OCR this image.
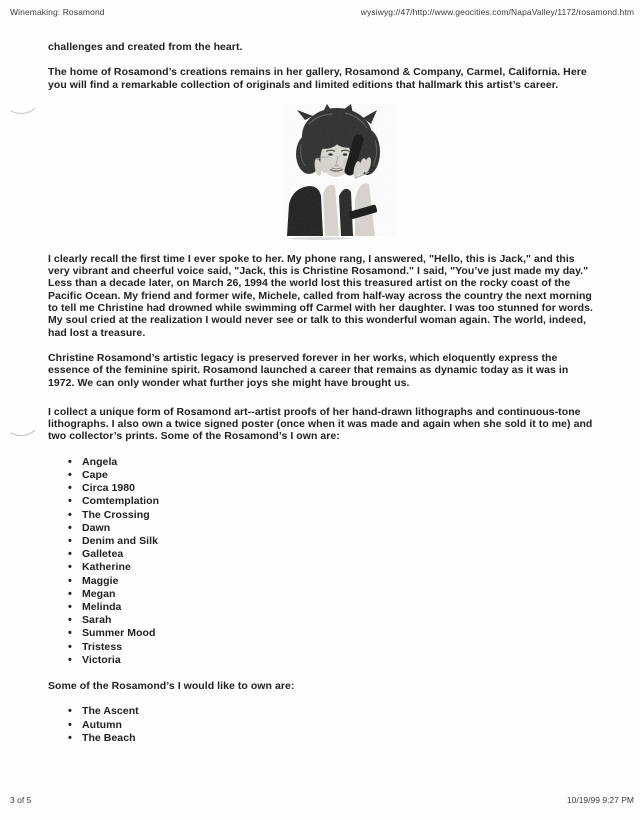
Winemaking: Rosamond	wysiwyg://47/http://www.geocities.com/NapaValley/1172/rosamond.htm

challenges and created from the heart.

The home of Rosamond’s creations remains in her gallery, Rosamond & Company, Carmel, California. Here you will find a remarkable collection of originals and limited editions that hallmark this artist’s career.

I clearly recall the first time I ever spoke to her. My phone rang, I answered, "Hello, this is Jack," and this very vibrant and cheerful voice said, "Jack, this is Christine Rosamond." I said, "You’ve just made my day." Less than a decade later, on March 26, 1994 the world lost this treasured artist on the rocky coast of the Pacific Ocean. My friend and former wife, Michele, called from half-way across the country the next morning to tell me Christine had drowned while swimming off Carmel with her daughter. I was too stunned for words. My soul cried at the realization I would never see or talk to this wonderful woman again. The world, indeed, had lost a treasure.

Christine Rosamond’s artistic legacy is preserved forever in her works, which eloquently express the essence of the feminine spirit. Rosamond launched a career that remains as dynamic today as it was in 1972. We can only wonder what further joys she might have brought us.

I collect a unique form of Rosamond art--artist proofs of her hand-drawn lithographs and continuous-tone lithographs. I also own a twice signed poster (once when it was made and again when she sold it to me) and two collector’s prints. Some of the Rosamond’s I own are:

• Angela
• Cape
• Circa 1980
• Comtemplation
• The Crossing
• Dawn
• Denim and Silk
• Galletea
• Katherine
• Maggie
• Megan
• Melinda
• Sarah
• Summer Mood
• Tristess
• Victoria

Some of the Rosamond’s I would like to own are:

• The Ascent
• Autumn
• The Beach
3 of 5	10/19/99 9:27 PM
